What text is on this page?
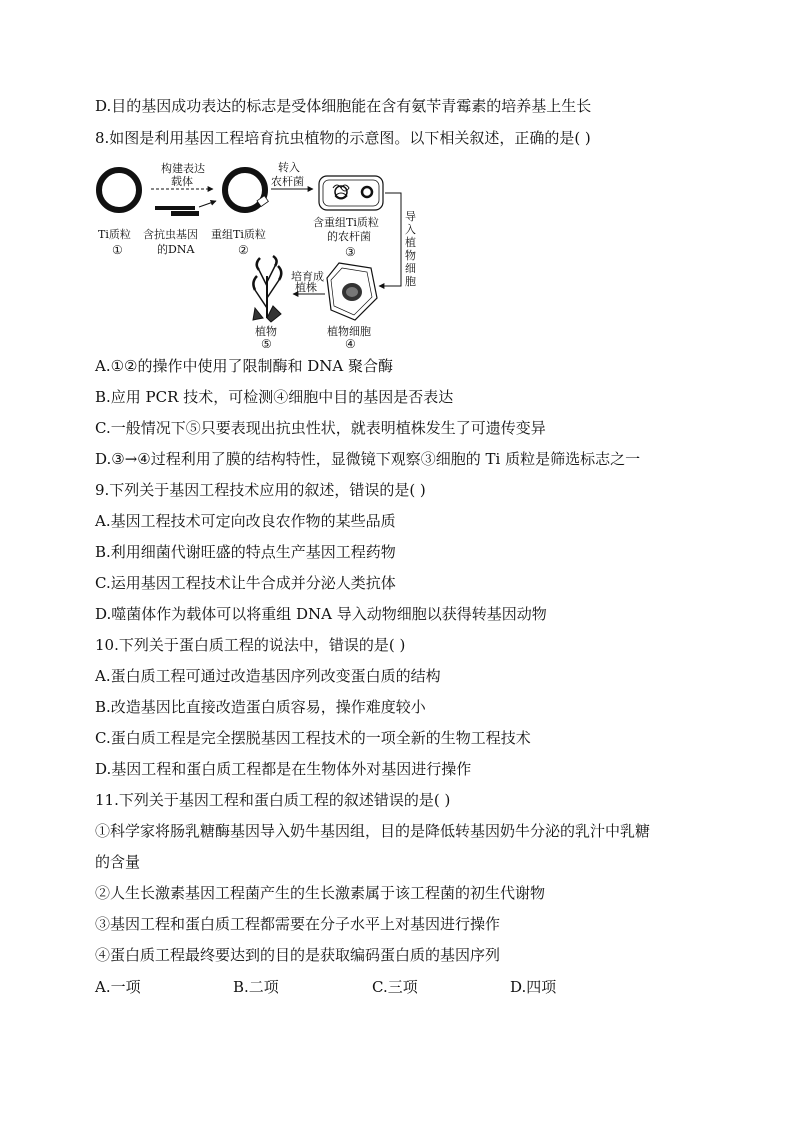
D.目的基因成功表达的标志是受体细胞能在含有氨苄青霉素的培养基上生长
8.如图是利用基因工程培育抗虫植物的示意图。以下相关叙述，正确的是( )
Ti质粒
①
构建表达
载体
含抗虫基因
的DNA
重组Ti质粒
②
转入
农杆菌
含重组Ti质粒
的农杆菌
③
导
入
植
物
细
胞
植物细胞
④
培育成
植株
植物
⑤
A.①②的操作中使用了限制酶和 DNA 聚合酶
B.应用 PCR 技术，可检测④细胞中目的基因是否表达
C.一般情况下⑤只要表现出抗虫性状，就表明植株发生了可遗传变异
D.③→④过程利用了膜的结构特性，显微镜下观察③细胞的 Ti 质粒是筛选标志之一
9.下列关于基因工程技术应用的叙述，错误的是( )
A.基因工程技术可定向改良农作物的某些品质
B.利用细菌代谢旺盛的特点生产基因工程药物
C.运用基因工程技术让牛合成并分泌人类抗体
D.噬菌体作为载体可以将重组 DNA 导入动物细胞以获得转基因动物
10.下列关于蛋白质工程的说法中，错误的是( )
A.蛋白质工程可通过改造基因序列改变蛋白质的结构
B.改造基因比直接改造蛋白质容易，操作难度较小
C.蛋白质工程是完全摆脱基因工程技术的一项全新的生物工程技术
D.基因工程和蛋白质工程都是在生物体外对基因进行操作
11.下列关于基因工程和蛋白质工程的叙述错误的是( )
①科学家将肠乳糖酶基因导入奶牛基因组，目的是降低转基因奶牛分泌的乳汁中乳糖
的含量
②人生长激素基因工程菌产生的生长激素属于该工程菌的初生代谢物
③基因工程和蛋白质工程都需要在分子水平上对基因进行操作
④蛋白质工程最终要达到的目的是获取编码蛋白质的基因序列
A.一项	B.二项	C.三项	D.四项
